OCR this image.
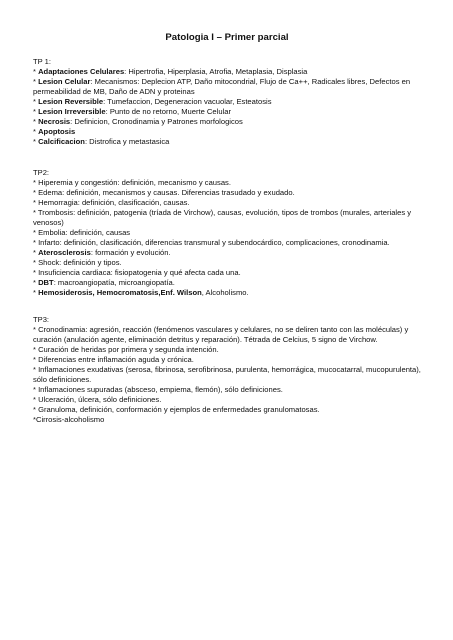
Patologia I – Primer parcial
TP 1:
* Adaptaciones Celulares: Hipertrofia, Hiperplasia, Atrofia, Metaplasia, Displasia
* Lesion Celular: Mecanismos: Deplecion ATP, Daño mitocondrial, Flujo de Ca++, Radicales libres, Defectos en permeabilidad de MB, Daño de ADN y proteinas
* Lesion Reversible: Tumefaccion, Degeneracion vacuolar, Esteatosis
* Lesion Irreversible: Punto de no retorno, Muerte Celular
* Necrosis: Definicion, Cronodinamia y Patrones morfologicos
* Apoptosis
* Calcificacion: Distrofica y metastasica
TP2:
* Hiperemia y congestión: definición, mecanismo y causas.
* Edema: definición, mecanismos y causas. Diferencias trasudado y exudado.
* Hemorragia: definición, clasificación, causas.
* Trombosis: definición, patogenia (tríada de Virchow), causas, evolución, tipos de trombos (murales, arteriales y venosos)
* Embolia: definición, causas
* Infarto: definición, clasificación, diferencias transmural y subendocárdico, complicaciones, cronodinamia.
* Aterosclerosis: formación y evolución.
* Shock: definición y tipos.
* Insuficiencia cardiaca: fisiopatogenia y qué afecta cada una.
* DBT: macroangiopatía, microangiopatía.
* Hemosiderosis, Hemocromatosis,Enf. Wilson, Alcoholismo.
TP3:
* Cronodinamia: agresión, reacción (fenómenos vasculares y celulares, no se deliren tanto con las moléculas) y curación (anulación agente, eliminación detritus y reparación). Tétrada de Celcius, 5 signo de Virchow.
* Curación de heridas por primera y segunda intención.
* Diferencias entre inflamación aguda y crónica.
* Inflamaciones exudativas (serosa, fibrinosa, serofibrinosa, purulenta, hemorrágica, mucocatarral, mucopurulenta), sólo definiciones.
* Inflamaciones supuradas (absceso, empiema, flemón), sólo definiciones.
* Ulceración, úlcera, sólo definiciones.
* Granuloma, definición, conformación y ejemplos de enfermedades granulomatosas.
*Cirrosis-alcoholismo
